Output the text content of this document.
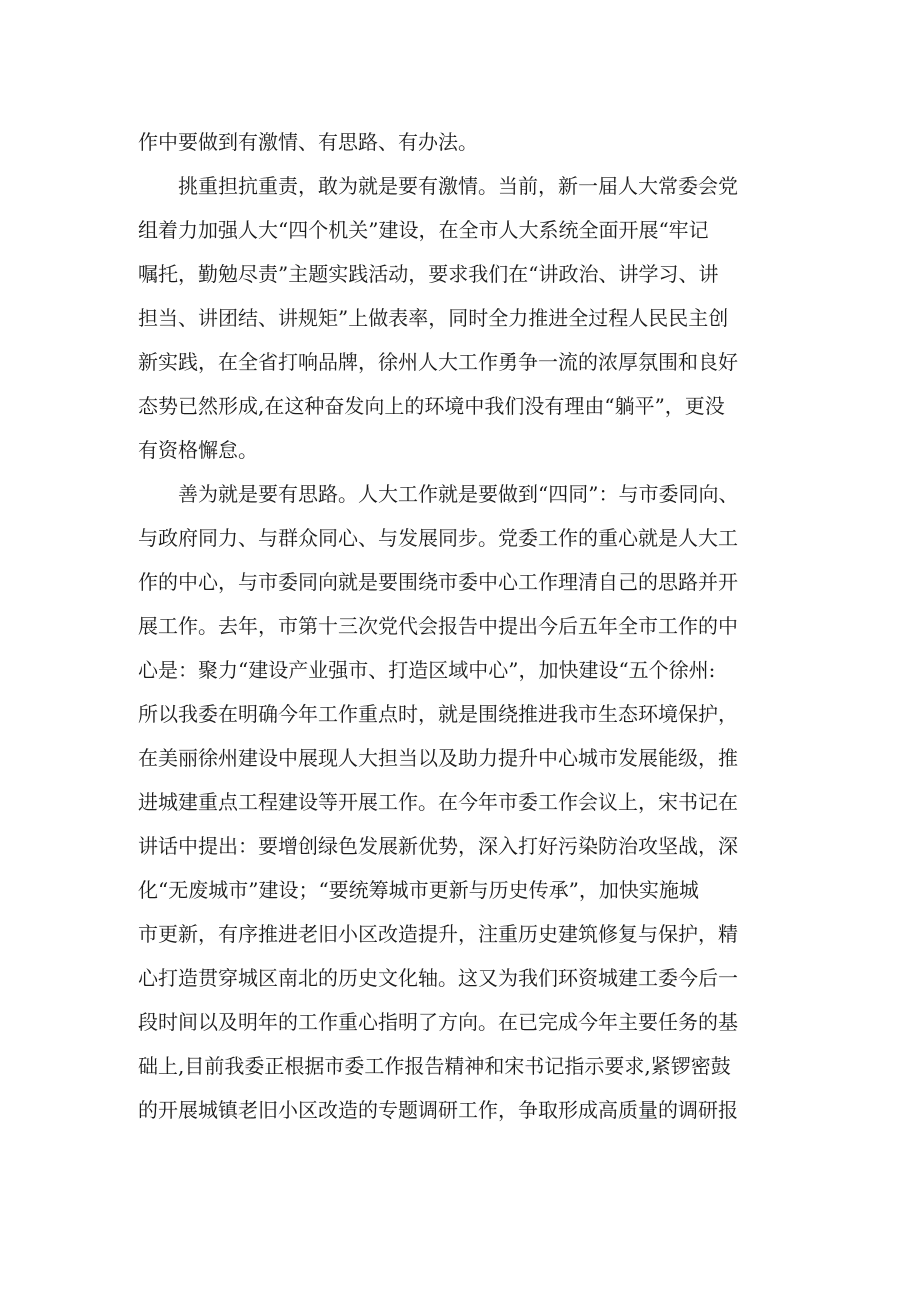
作中要做到有激情、有思路、有办法。
　　挑重担抗重责，敢为就是要有激情。当前，新一届人大常委会党
组着力加强人大“四个机关”建设，在全市人大系统全面开展“牢记
嘱托，勤勉尽责”主题实践活动，要求我们在“讲政治、讲学习、讲
担当、讲团结、讲规矩”上做表率，同时全力推进全过程人民民主创
新实践，在全省打响品牌，徐州人大工作勇争一流的浓厚氛围和良好
态势已然形成,在这种奋发向上的环境中我们没有理由“躺平”，更没
有资格懈怠。
　　善为就是要有思路。人大工作就是要做到“四同”：与市委同向、
与政府同力、与群众同心、与发展同步。党委工作的重心就是人大工
作的中心，与市委同向就是要围绕市委中心工作理清自己的思路并开
展工作。去年，市第十三次党代会报告中提出今后五年全市工作的中
心是：聚力“建设产业强市、打造区域中心”，加快建设“五个徐州:
所以我委在明确今年工作重点时，就是围绕推进我市生态环境保护，
在美丽徐州建设中展现人大担当以及助力提升中心城市发展能级，推
进城建重点工程建设等开展工作。在今年市委工作会议上，宋书记在
讲话中提出：要增创绿色发展新优势，深入打好污染防治攻坚战，深
化“无废城市”建设；“要统筹城市更新与历史传承”，加快实施城
市更新，有序推进老旧小区改造提升，注重历史建筑修复与保护，精
心打造贯穿城区南北的历史文化轴。这又为我们环资城建工委今后一
段时间以及明年的工作重心指明了方向。在已完成今年主要任务的基
础上,目前我委正根据市委工作报告精神和宋书记指示要求,紧锣密鼓
的开展城镇老旧小区改造的专题调研工作，争取形成高质量的调研报
